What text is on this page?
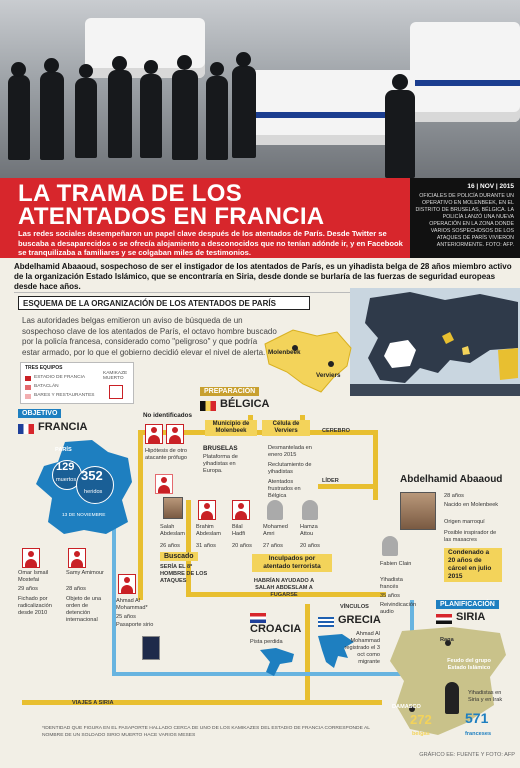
LA TRAMA DE LOS
ATENTADOS EN FRANCIA
Las redes sociales desempeñaron un papel clave después de los atentados de París. Desde Twitter se buscaba a desaparecidos o se ofrecía alojamiento a desconocidos que no tenían adónde ir, y en Facebook se tranquilizaba a familiares y se colgaban miles de testimonios.
16 | NOV | 2015
OFICIALES DE POLICÍA DURANTE UN OPERATIVO EN MOLENBEEK, EN EL DISTRITO DE BRUSELAS, BÉLGICA. LA POLICÍA LANZÓ UNA NUEVA OPERACIÓN EN LA ZONA DONDE VARIOS SOSPECHOSOS DE LOS ATAQUES DE PARÍS VIVIERON ANTERIORMENTE. FOTO: AFP.
Abdelhamid Abaaoud, sospechoso de ser el instigador de los atentados de París, es un yihadista belga de 28 años miembro activo de la organización Estado Islámico, que se encontraría en Siria, desde donde se burlaría de las fuerzas de seguridad europeas desde hace años.
ESQUEMA DE LA ORGANIZACIÓN DE LOS ATENTADOS DE PARÍS
Las autoridades belgas emitieron un aviso de búsqueda de un sospechoso clave de los atentados de París, el octavo hombre buscado por la policía francesa, considerado como "peligroso" y que podría estar armado, por lo que el gobierno decidió elevar el nivel de alerta. Molenbeek
Verviers
TRES EQUIPOS
ESTADIO DE FRANCIA
BATACLÁN
BARES Y RESTAURANTES
KAMIKAZE MUERTO
PREPARACIÓN
BÉLGICA
Municipio de Molenbeek
Célula de Verviers
BRUSELAS
Plataforma de yihadistas en Europa.
Desmantelada en enero 2015
Reclutamiento de yihadistas
Atentados frustrados en Bélgica
CEREBRO
LÍDER
OBJETIVO
FRANCIA
PARÍS
129
muertos 352
heridos
13 DE NOVIEMBRE
No identificados
Hipótesis de otro atacante prófugo
Salah Abdeslam
26 años
Brahim Abdeslam
31 años
Bilal Hadfi
20 años
Mohamed Amri
27 años
Hamza Attou
20 años
Buscado
SERÍA EL 8º HOMBRE DE LOS ATAQUES
Inculpados por atentado terrorista
HABRÍAN AYUDADO A SALAH ABDESLAM A FUGARSE
Omar Ismail Mostefai
29 años
Fichado por radicalización desde 2010
Samy Amimour
28 años
Objeto de una orden de detención internacional
Ahmad Al Mohammad*
25 años
Pasaporte sirio
Fabien Clain
Yihadista francés
35 años
Reivindicación audio
Abdelhamid Abaaoud
28 años
Nacido en Molenbeek
Origen marroquí
Posible inspirador de las masacres
Condenado a 20 años de cárcel en julio 2015
VÍNCULOS
VIAJES A SIRIA
CROACIA
Pista perdida
GRECIA
Ahmad Al Mohammad registrado el 3 oct como migrante
PLANIFICACIÓN
SIRIA
Raqa
Feudo del grupo Estado Islámico
DAMASCO
272
belgas
571
franceses
Yihadistas en Siria y en Irak
*IDENTIDAD QUE FIGURA EN EL PASAPORTE HALLADO CERCA DE UNO DE LOS KAMIKAZES DEL ESTADIO DE FRANCIA CORRESPONDE AL NOMBRE DE UN SOLDADO SIRIO MUERTO HACE VARIOS MESES
GRÁFICO EE: FUENTE Y FOTO: AFP
